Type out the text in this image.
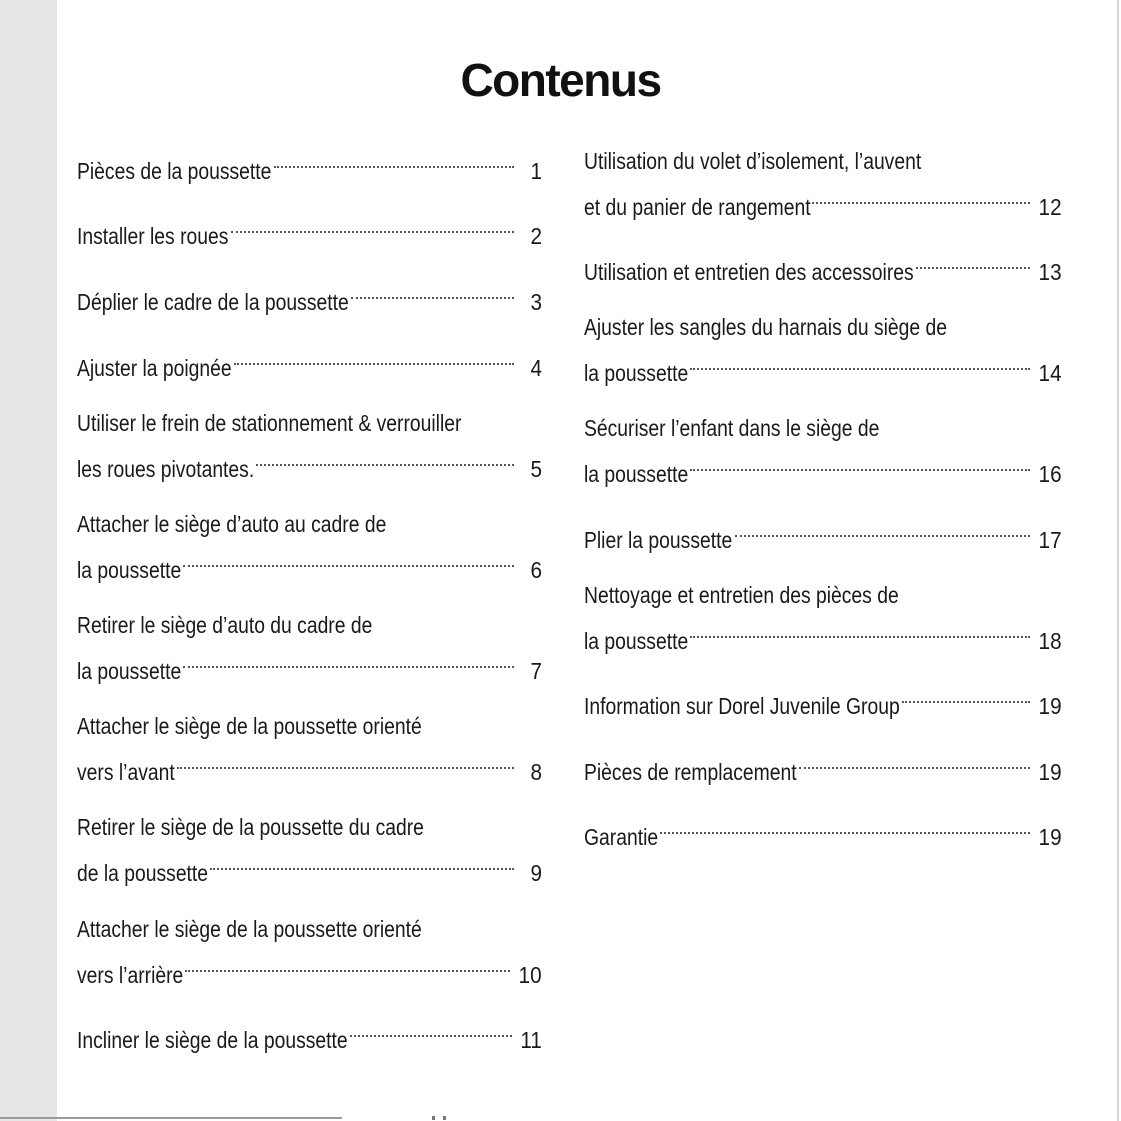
Contenus
Pièces de la poussette	1
Installer les roues	2
Déplier le cadre de la poussette	3
Ajuster la poignée	4
Utiliser le frein de stationnement & verrouiller
les roues pivotantes.	5
Attacher le siège d’auto au cadre de
la poussette	6
Retirer le siège d’auto du cadre de
la poussette	7
Attacher le siège de la poussette orienté
vers l’avant	8
Retirer le siège de la poussette du cadre
de la poussette	9
Attacher le siège de la poussette orienté
vers l’arrière	10
Incliner le siège de la poussette	11
Utilisation du volet d’isolement, l’auvent
et du panier de rangement	12
Utilisation et entretien des accessoires	13
Ajuster les sangles du harnais du siège de
la poussette	14
Sécuriser l’enfant dans le siège de
la poussette	16
Plier la poussette	17
Nettoyage et entretien des pièces de
la poussette	18
Information sur Dorel Juvenile Group	19
Pièces de remplacement	19
Garantie	19
